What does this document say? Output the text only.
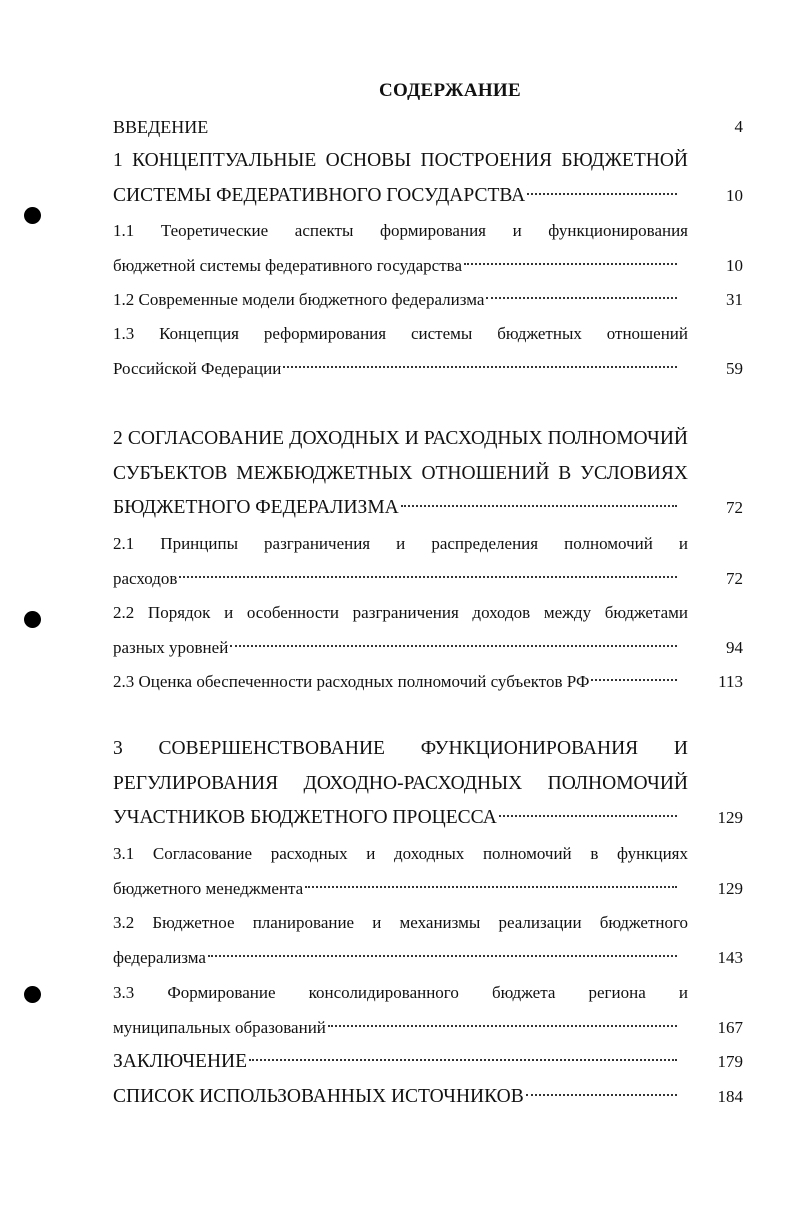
СОДЕРЖАНИЕ
ВВЕДЕНИЕ	4
1 КОНЦЕПТУАЛЬНЫЕ ОСНОВЫ ПОСТРОЕНИЯ БЮДЖЕТНОЙ
СИСТЕМЫ ФЕДЕРАТИВНОГО ГОСУДАРСТВА	10
1.1 Теоретические аспекты формирования и функционирования
бюджетной системы федеративного государства	10
1.2 Современные модели бюджетного федерализма	31
1.3 Концепция реформирования системы бюджетных отношений
Российской Федерации	59
2 СОГЛАСОВАНИЕ ДОХОДНЫХ И РАСХОДНЫХ ПОЛНОМОЧИЙ
СУБЪЕКТОВ МЕЖБЮДЖЕТНЫХ ОТНОШЕНИЙ В УСЛОВИЯХ
БЮДЖЕТНОГО ФЕДЕРАЛИЗМА	72
2.1 Принципы разграничения и распределения полномочий и
расходов	72
2.2 Порядок и особенности разграничения доходов между бюджетами
разных уровней	94
2.3 Оценка обеспеченности расходных полномочий субъектов РФ	113
3 СОВЕРШЕНСТВОВАНИЕ ФУНКЦИОНИРОВАНИЯ И
РЕГУЛИРОВАНИЯ ДОХОДНО-РАСХОДНЫХ ПОЛНОМОЧИЙ
УЧАСТНИКОВ БЮДЖЕТНОГО ПРОЦЕССА	129
3.1 Согласование расходных и доходных полномочий в функциях
бюджетного менеджмента	129
3.2 Бюджетное планирование и механизмы реализации бюджетного
федерализма	143
3.3 Формирование консолидированного бюджета региона и
муниципальных образований	167
ЗАКЛЮЧЕНИЕ	179
СПИСОК ИСПОЛЬЗОВАННЫХ ИСТОЧНИКОВ	184
